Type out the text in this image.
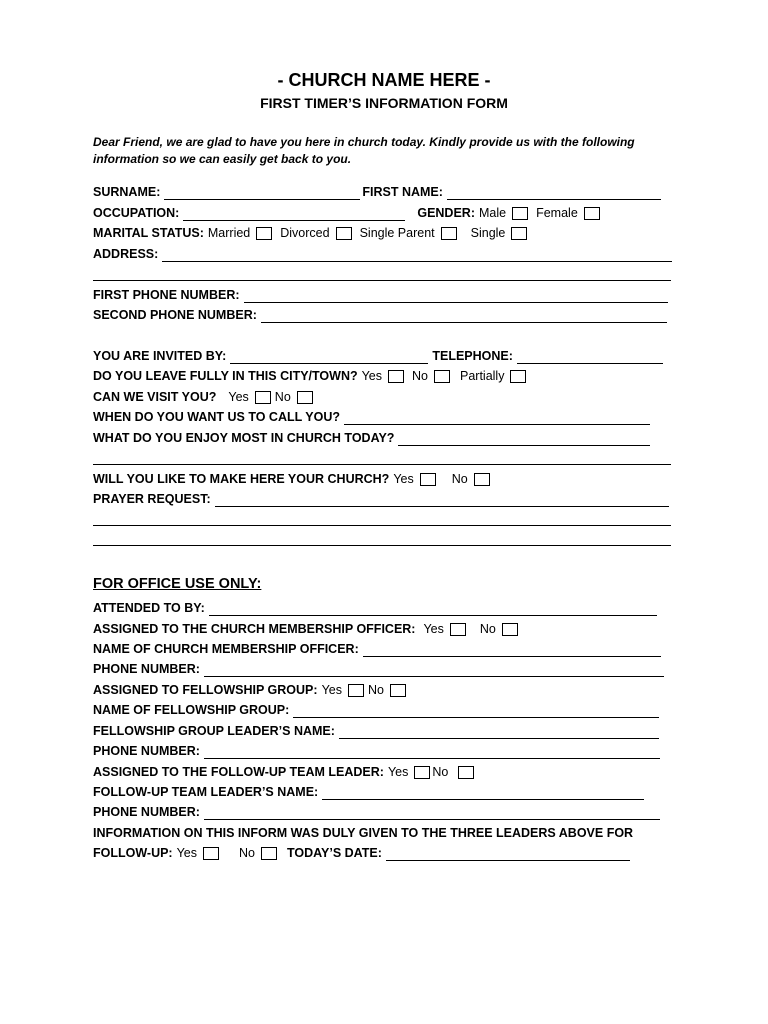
- CHURCH NAME HERE -
FIRST TIMER’S INFORMATION FORM
Dear Friend, we are glad to have you here in church today. Kindly provide us with the following information so we can easily get back to you.
SURNAME:	FIRST NAME:
OCCUPATION:	GENDER: Male Female
MARITAL STATUS: Married Divorced Single Parent	Single
ADDRESS:
FIRST PHONE NUMBER:
SECOND PHONE NUMBER:
YOU ARE INVITED BY:	TELEPHONE:
DO YOU LEAVE FULLY IN THIS CITY/TOWN? Yes No	Partially
CAN WE VISIT YOU? Yes No
WHEN DO YOU WANT US TO CALL YOU?
WHAT DO YOU ENJOY MOST IN CHURCH TODAY?
WILL YOU LIKE TO MAKE HERE YOUR CHURCH? Yes	No
PRAYER REQUEST:
FOR OFFICE USE ONLY:
ATTENDED TO BY:
ASSIGNED TO THE CHURCH MEMBERSHIP OFFICER: Yes	No
NAME OF CHURCH MEMBERSHIP OFFICER:
PHONE NUMBER:
ASSIGNED TO FELLOWSHIP GROUP: Yes No
NAME OF FELLOWSHIP GROUP:
FELLOWSHIP GROUP LEADER’S NAME:
PHONE NUMBER:
ASSIGNED TO THE FOLLOW-UP TEAM LEADER: Yes No
FOLLOW-UP TEAM LEADER’S NAME:
PHONE NUMBER:
INFORMATION ON THIS INFORM WAS DULY GIVEN TO THE THREE LEADERS ABOVE FOR
FOLLOW-UP: Yes	No	TODAY’S DATE:
